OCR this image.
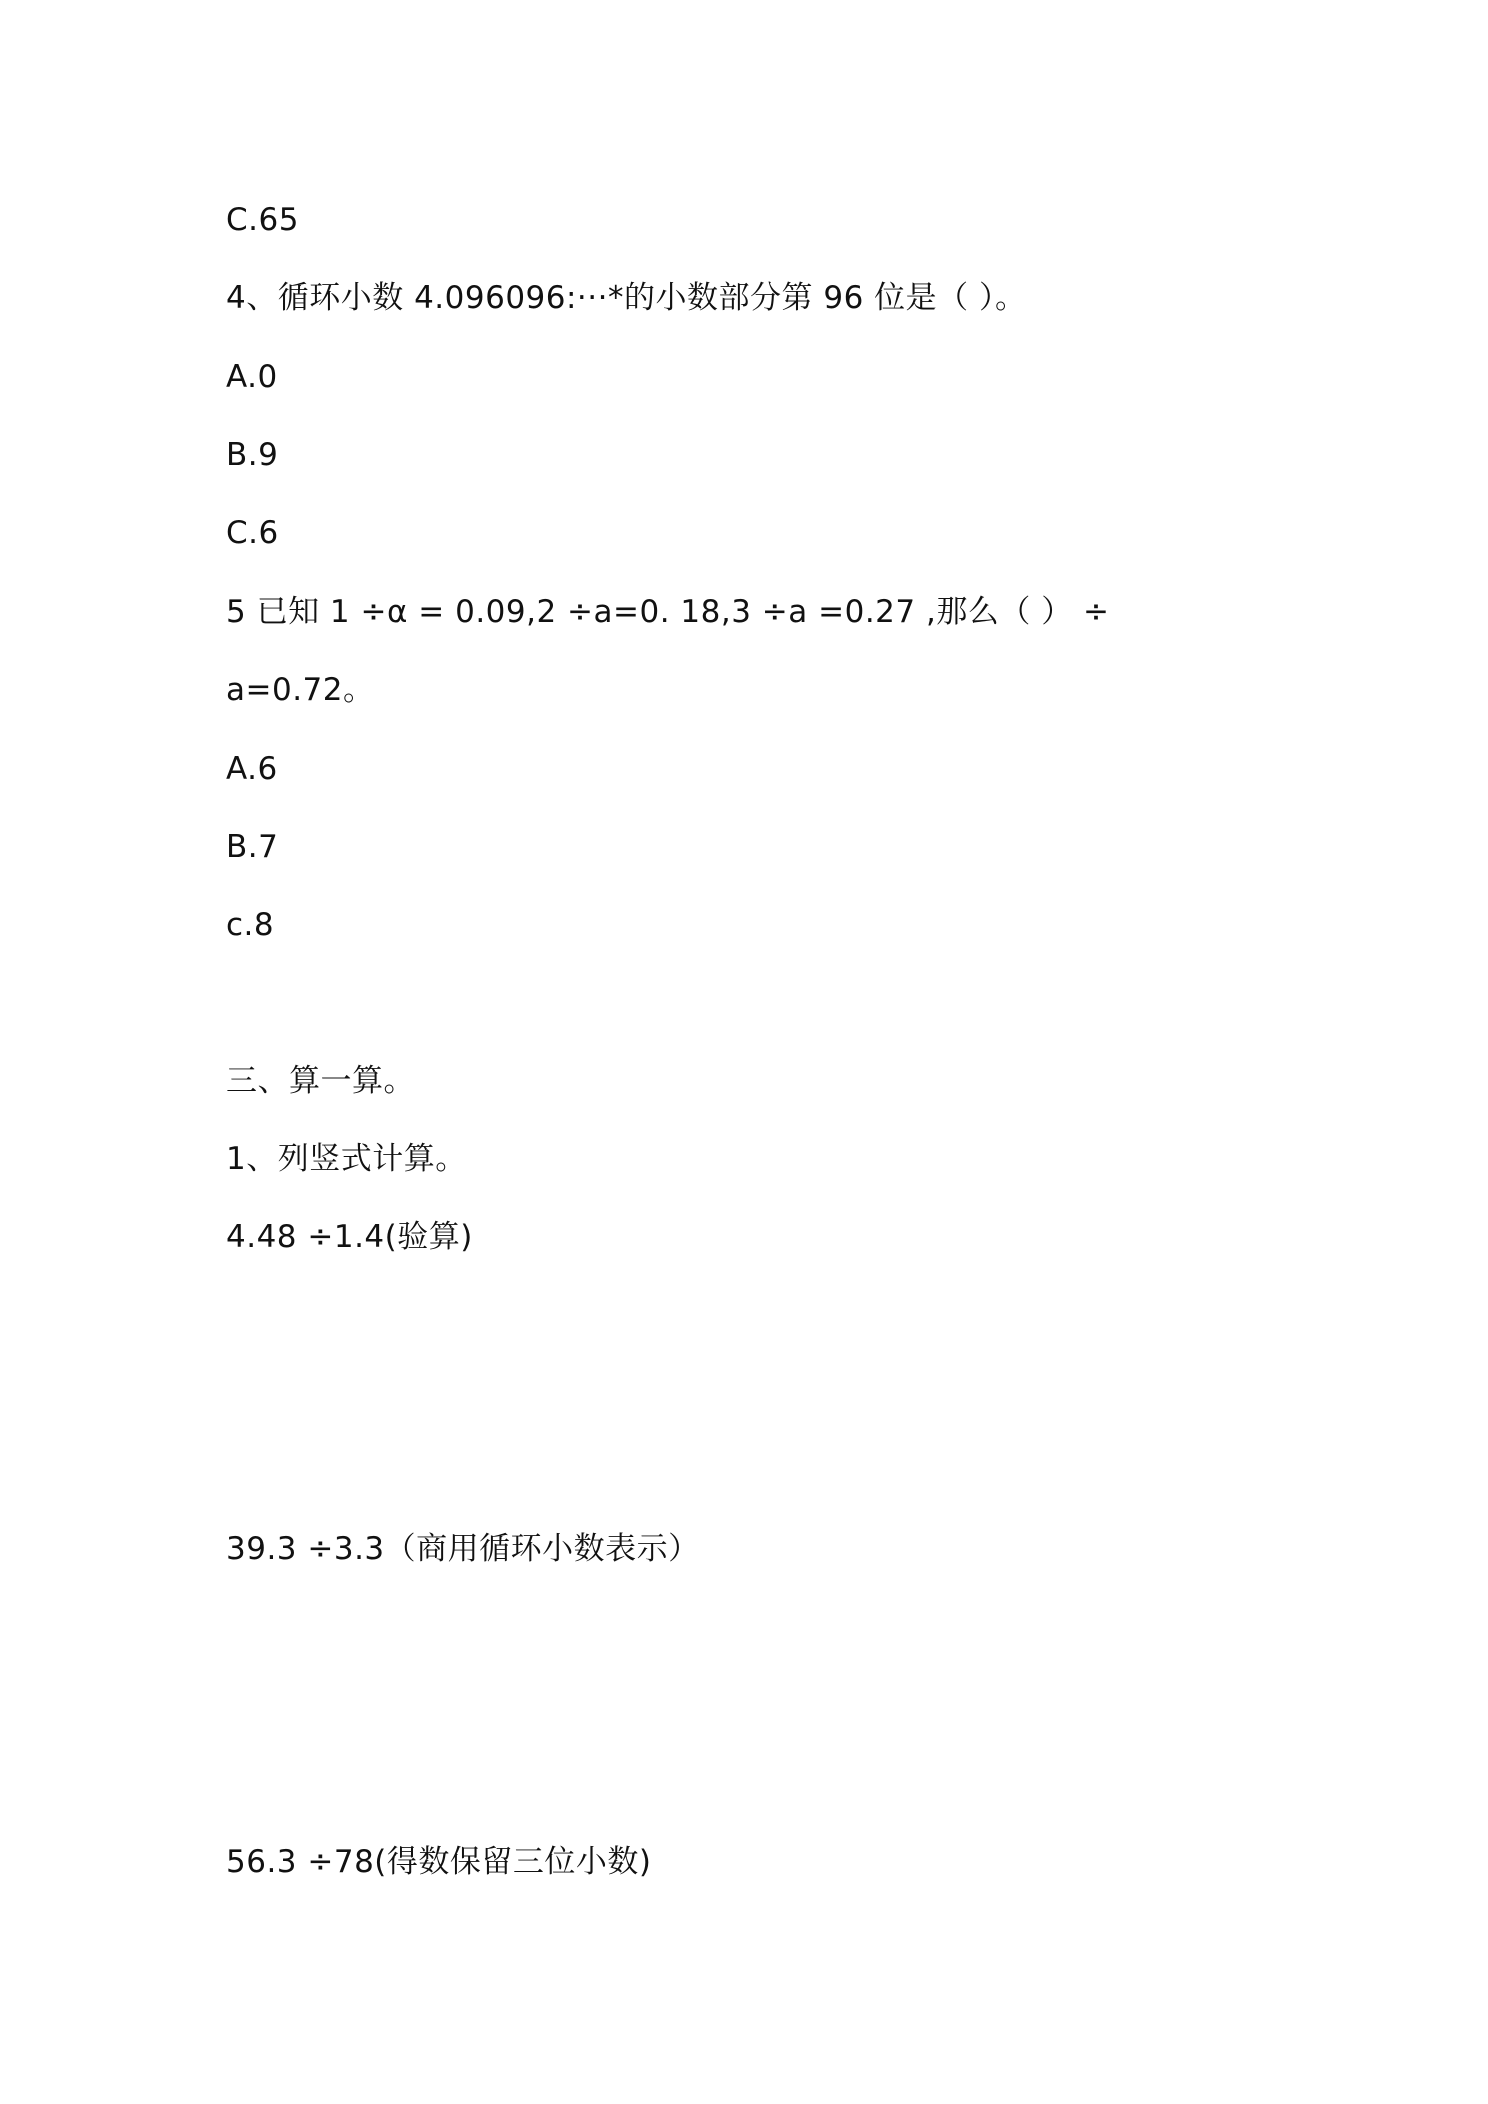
C.65
4、循环小数 4.096096:···*的小数部分第 96 位是（ ）。
A.0
B.9
C.6
5 已知 1 ÷α = 0.09,2 ÷a=0. 18,3 ÷a =0.27 ,那么（ ） ÷
a=0.72。
A.6
B.7
c.8
三、算一算。
1、列竖式计算。
4.48 ÷1.4(验算)
39.3 ÷3.3（商用循环小数表示）
56.3 ÷78(得数保留三位小数)
